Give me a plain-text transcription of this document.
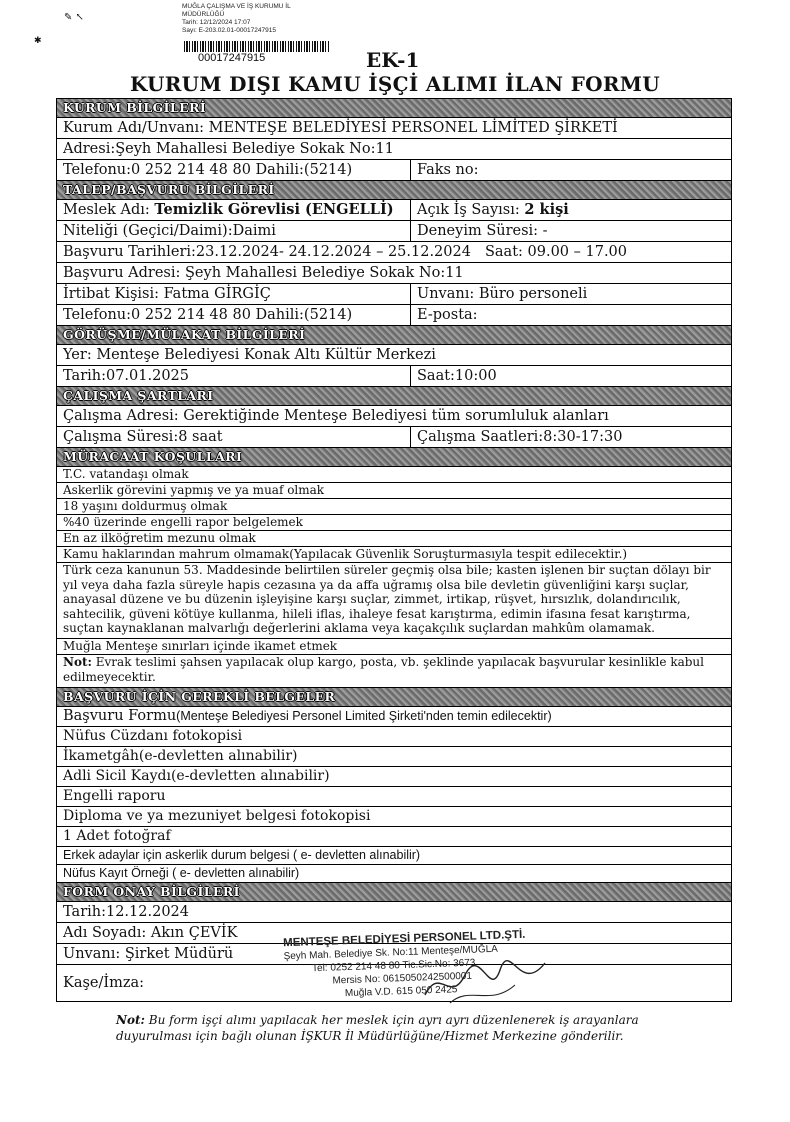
✎ ↖
✱
MUĞLA ÇALIŞMA VE İŞ KURUMU İL
MÜDÜRLÜĞÜ
Tarih: 12/12/2024 17:07
Sayı: E-203.02.01-00017247915
00017247915	EK-1
KURUM DIŞI KAMU İŞÇİ ALIMI İLAN FORMU
KURUM BİLGİLERİ
Kurum Adı/Unvanı: MENTEŞE BELEDİYESİ PERSONEL LİMİTED ŞİRKETİ
Adresi:Şeyh Mahallesi Belediye Sokak No:11
Telefonu:0 252 214 48 80 Dahili:(5214)	Faks no:
TALEP/BAŞVURU BİLGİLERİ
Meslek Adı: Temizlik Görevlisi (ENGELLİ)	Açık İş Sayısı: 2 kişi
Niteliği (Geçici/Daimi):Daimi	Deneyim Süresi: -
Başvuru Tarihleri:23.12.2024- 24.12.2024 – 25.12.2024 Saat: 09.00 – 17.00
Başvuru Adresi: Şeyh Mahallesi Belediye Sokak No:11
İrtibat Kişisi: Fatma GİRGİÇ	Unvanı: Büro personeli
Telefonu:0 252 214 48 80 Dahili:(5214)	E-posta:
GÖRÜŞME/MÜLAKAT BİLGİLERİ
Yer: Menteşe Belediyesi Konak Altı Kültür Merkezi
Tarih:07.01.2025	Saat:10:00
ÇALIŞMA ŞARTLARI
Çalışma Adresi: Gerektiğinde Menteşe Belediyesi tüm sorumluluk alanları
Çalışma Süresi:8 saat	Çalışma Saatleri:8:30-17:30
MÜRACAAT KOŞULLARI
T.C. vatandaşı olmak
Askerlik görevini yapmış ve ya muaf olmak
18 yaşını doldurmuş olmak
%40 üzerinde engelli rapor belgelemek
En az ilköğretim mezunu olmak
Kamu haklarından mahrum olmamak(Yapılacak Güvenlik Soruşturmasıyla tespit edilecektir.)
Türk ceza kanunun 53. Maddesinde belirtilen süreler geçmiş olsa bile; kasten işlenen bir suçtan dölayı bir yıl veya daha fazla süreyle hapis cezasına ya da affa uğramış olsa bile devletin güvenliğini karşı suçlar, anayasal düzene ve bu düzenin işleyişine karşı suçlar, zimmet, irtikap, rüşvet, hırsızlık, dolandırıcılık, sahtecilik, güveni kötüye kullanma, hileli iflas, ihaleye fesat karıştırma, edimin ifasına fesat karıştırma, suçtan kaynaklanan malvarlığı değerlerini aklama veya kaçakçılık suçlardan mahkûm olamamak.
Muğla Menteşe sınırları içinde ikamet etmek
Not: Evrak teslimi şahsen yapılacak olup kargo, posta, vb. şeklinde yapılacak başvurular kesinlikle kabul edilmeyecektir.
BAŞVURU İÇİN GEREKLİ BELGELER
Başvuru Formu(Menteşe Belediyesi Personel Limited Şirketi'nden temin edilecektir)
Nüfus Cüzdanı fotokopisi
İkametgâh(e-devletten alınabilir)
Adli Sicil Kaydı(e-devletten alınabilir)
Engelli raporu
Diploma ve ya mezuniyet belgesi fotokopisi
1 Adet fotoğraf
Erkek adaylar için askerlik durum belgesi ( e- devletten alınabilir)
Nüfus Kayıt Örneği ( e- devletten alınabilir)
FORM ONAY BİLGİLERİ
Tarih:12.12.2024
Adı Soyadı: Akın ÇEVİK
Unvanı: Şirket Müdürü
Kaşe/İmza:
MENTEŞE BELEDİYESİ PERSONEL LTD.ŞTİ.
Şeyh Mah. Belediye Sk. No:11 Menteşe/MUĞLA
Tel: 0252 214 48 80 Tic.Sic.No: 3673
Mersis No: 0615050242500001
Muğla V.D. 615 050 2425
Not: Bu form işçi alımı yapılacak her meslek için ayrı ayrı düzenlenerek iş arayanlara duyurulması için bağlı olunan İŞKUR İl Müdürlüğüne/Hizmet Merkezine gönderilir.
